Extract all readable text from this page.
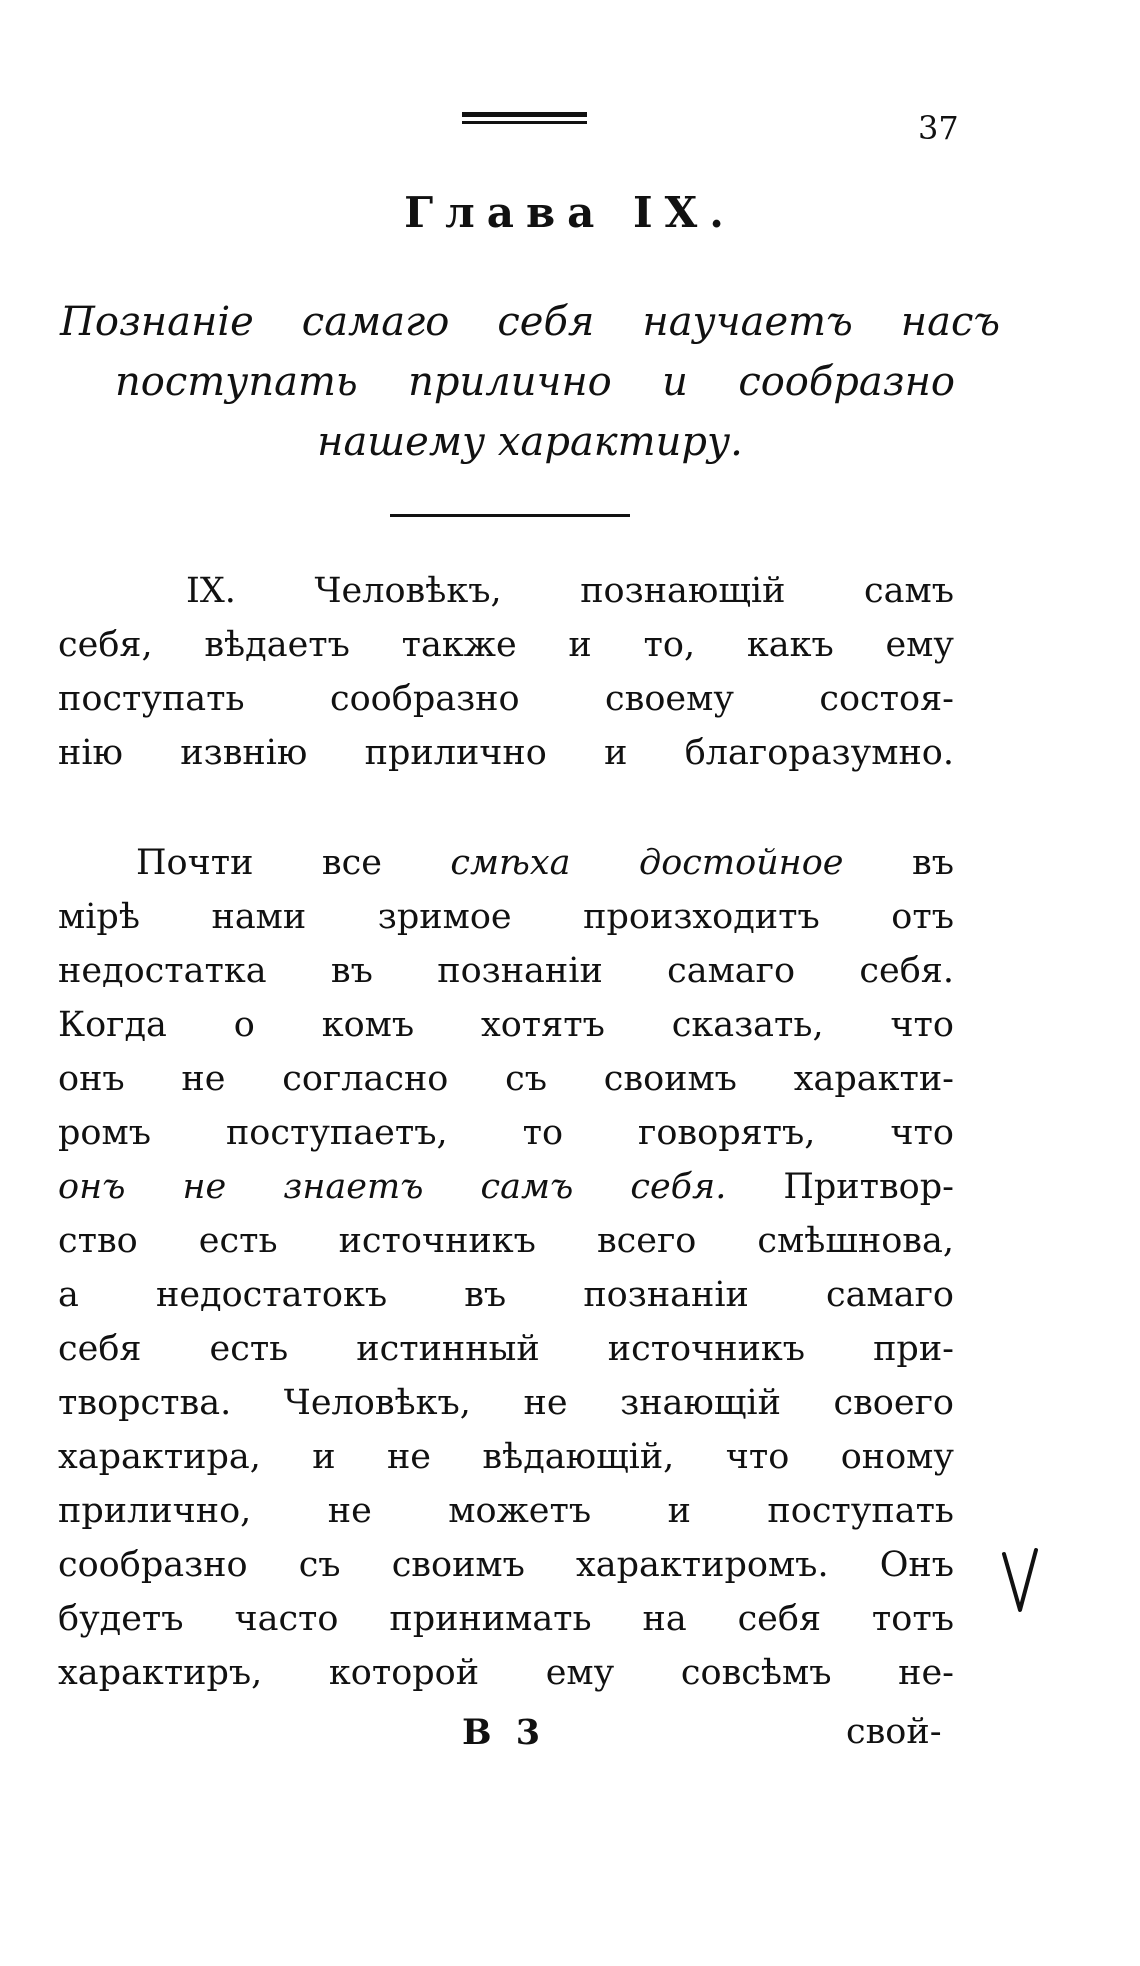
37
Глава IX.
Познаніе самаго себя научаетъ насъ
поступать прилично и сообразно
нашему характиру.
IX. Человѣкъ, познающій самъ
себя, вѣдаетъ также и то, какъ ему
поступать сообразно своему состоя-
нію извнію прилично и благоразумно.
Почти все смѣха достойное въ
мірѣ нами зримое произходитъ отъ
недостатка въ познаніи самаго себя.
Когда о комъ хотятъ сказать, что
онъ не согласно съ своимъ характи-
ромъ поступаетъ, то говорятъ, что
онъ не знаетъ самъ себя. Притвор-
ство есть источникъ всего смѣшнова,
а недостатокъ въ познаніи самаго
себя есть истинный источникъ при-
творства. Человѣкъ, не знающій своего
характира, и не вѣдающій, что оному
прилично, не можетъ и поступать
сообразно съ своимъ характиромъ. Онъ
будетъ часто принимать на себя тотъ
характиръ, которой ему совсѣмъ не-
В 3	свой-
